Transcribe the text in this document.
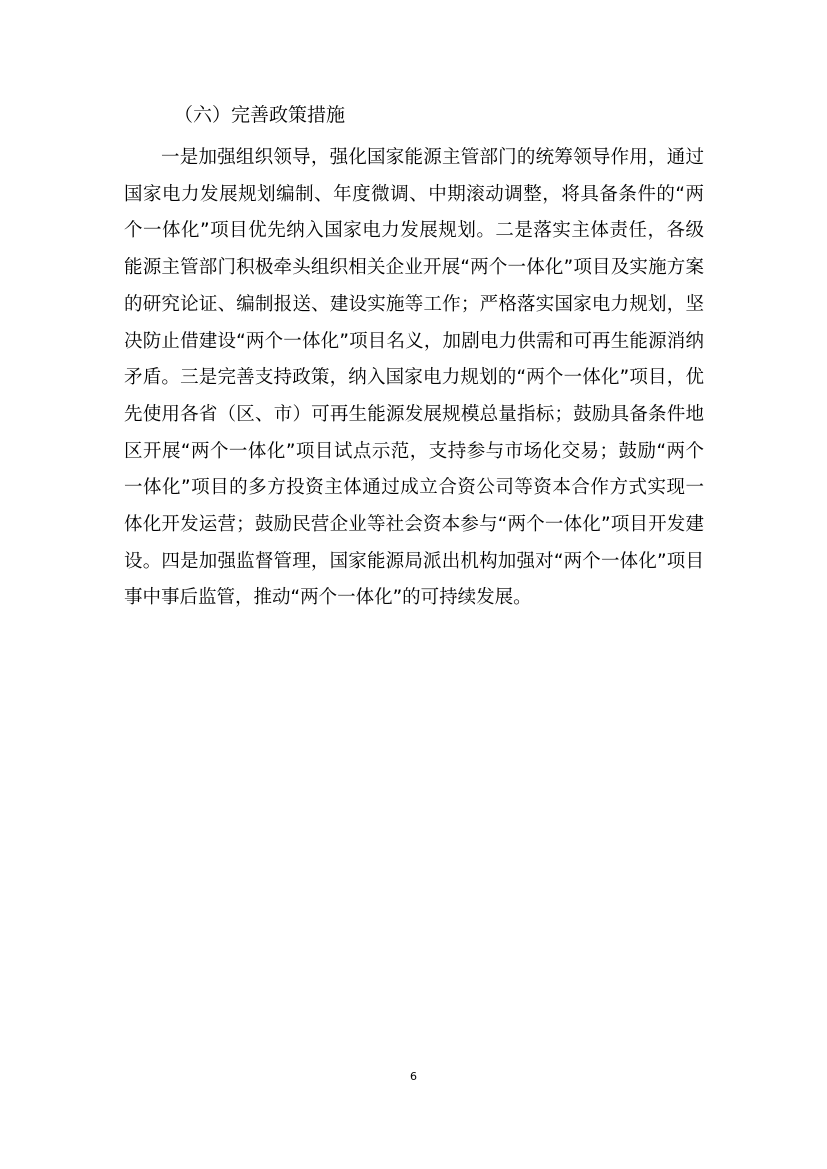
（六）完善政策措施

一是加强组织领导，强化国家能源主管部门的统筹领导作用，通过国家电力发展规划编制、年度微调、中期滚动调整，将具备条件的“两个一体化”项目优先纳入国家电力发展规划。二是落实主体责任，各级能源主管部门积极牵头组织相关企业开展“两个一体化”项目及实施方案的研究论证、编制报送、建设实施等工作；严格落实国家电力规划，坚决防止借建设“两个一体化”项目名义，加剧电力供需和可再生能源消纳矛盾。三是完善支持政策，纳入国家电力规划的“两个一体化”项目，优先使用各省（区、市）可再生能源发展规模总量指标；鼓励具备条件地区开展“两个一体化”项目试点示范，支持参与市场化交易；鼓励“两个一体化”项目的多方投资主体通过成立合资公司等资本合作方式实现一体化开发运营；鼓励民营企业等社会资本参与“两个一体化”项目开发建设。四是加强监督管理，国家能源局派出机构加强对“两个一体化”项目事中事后监管，推动“两个一体化”的可持续发展。

6
